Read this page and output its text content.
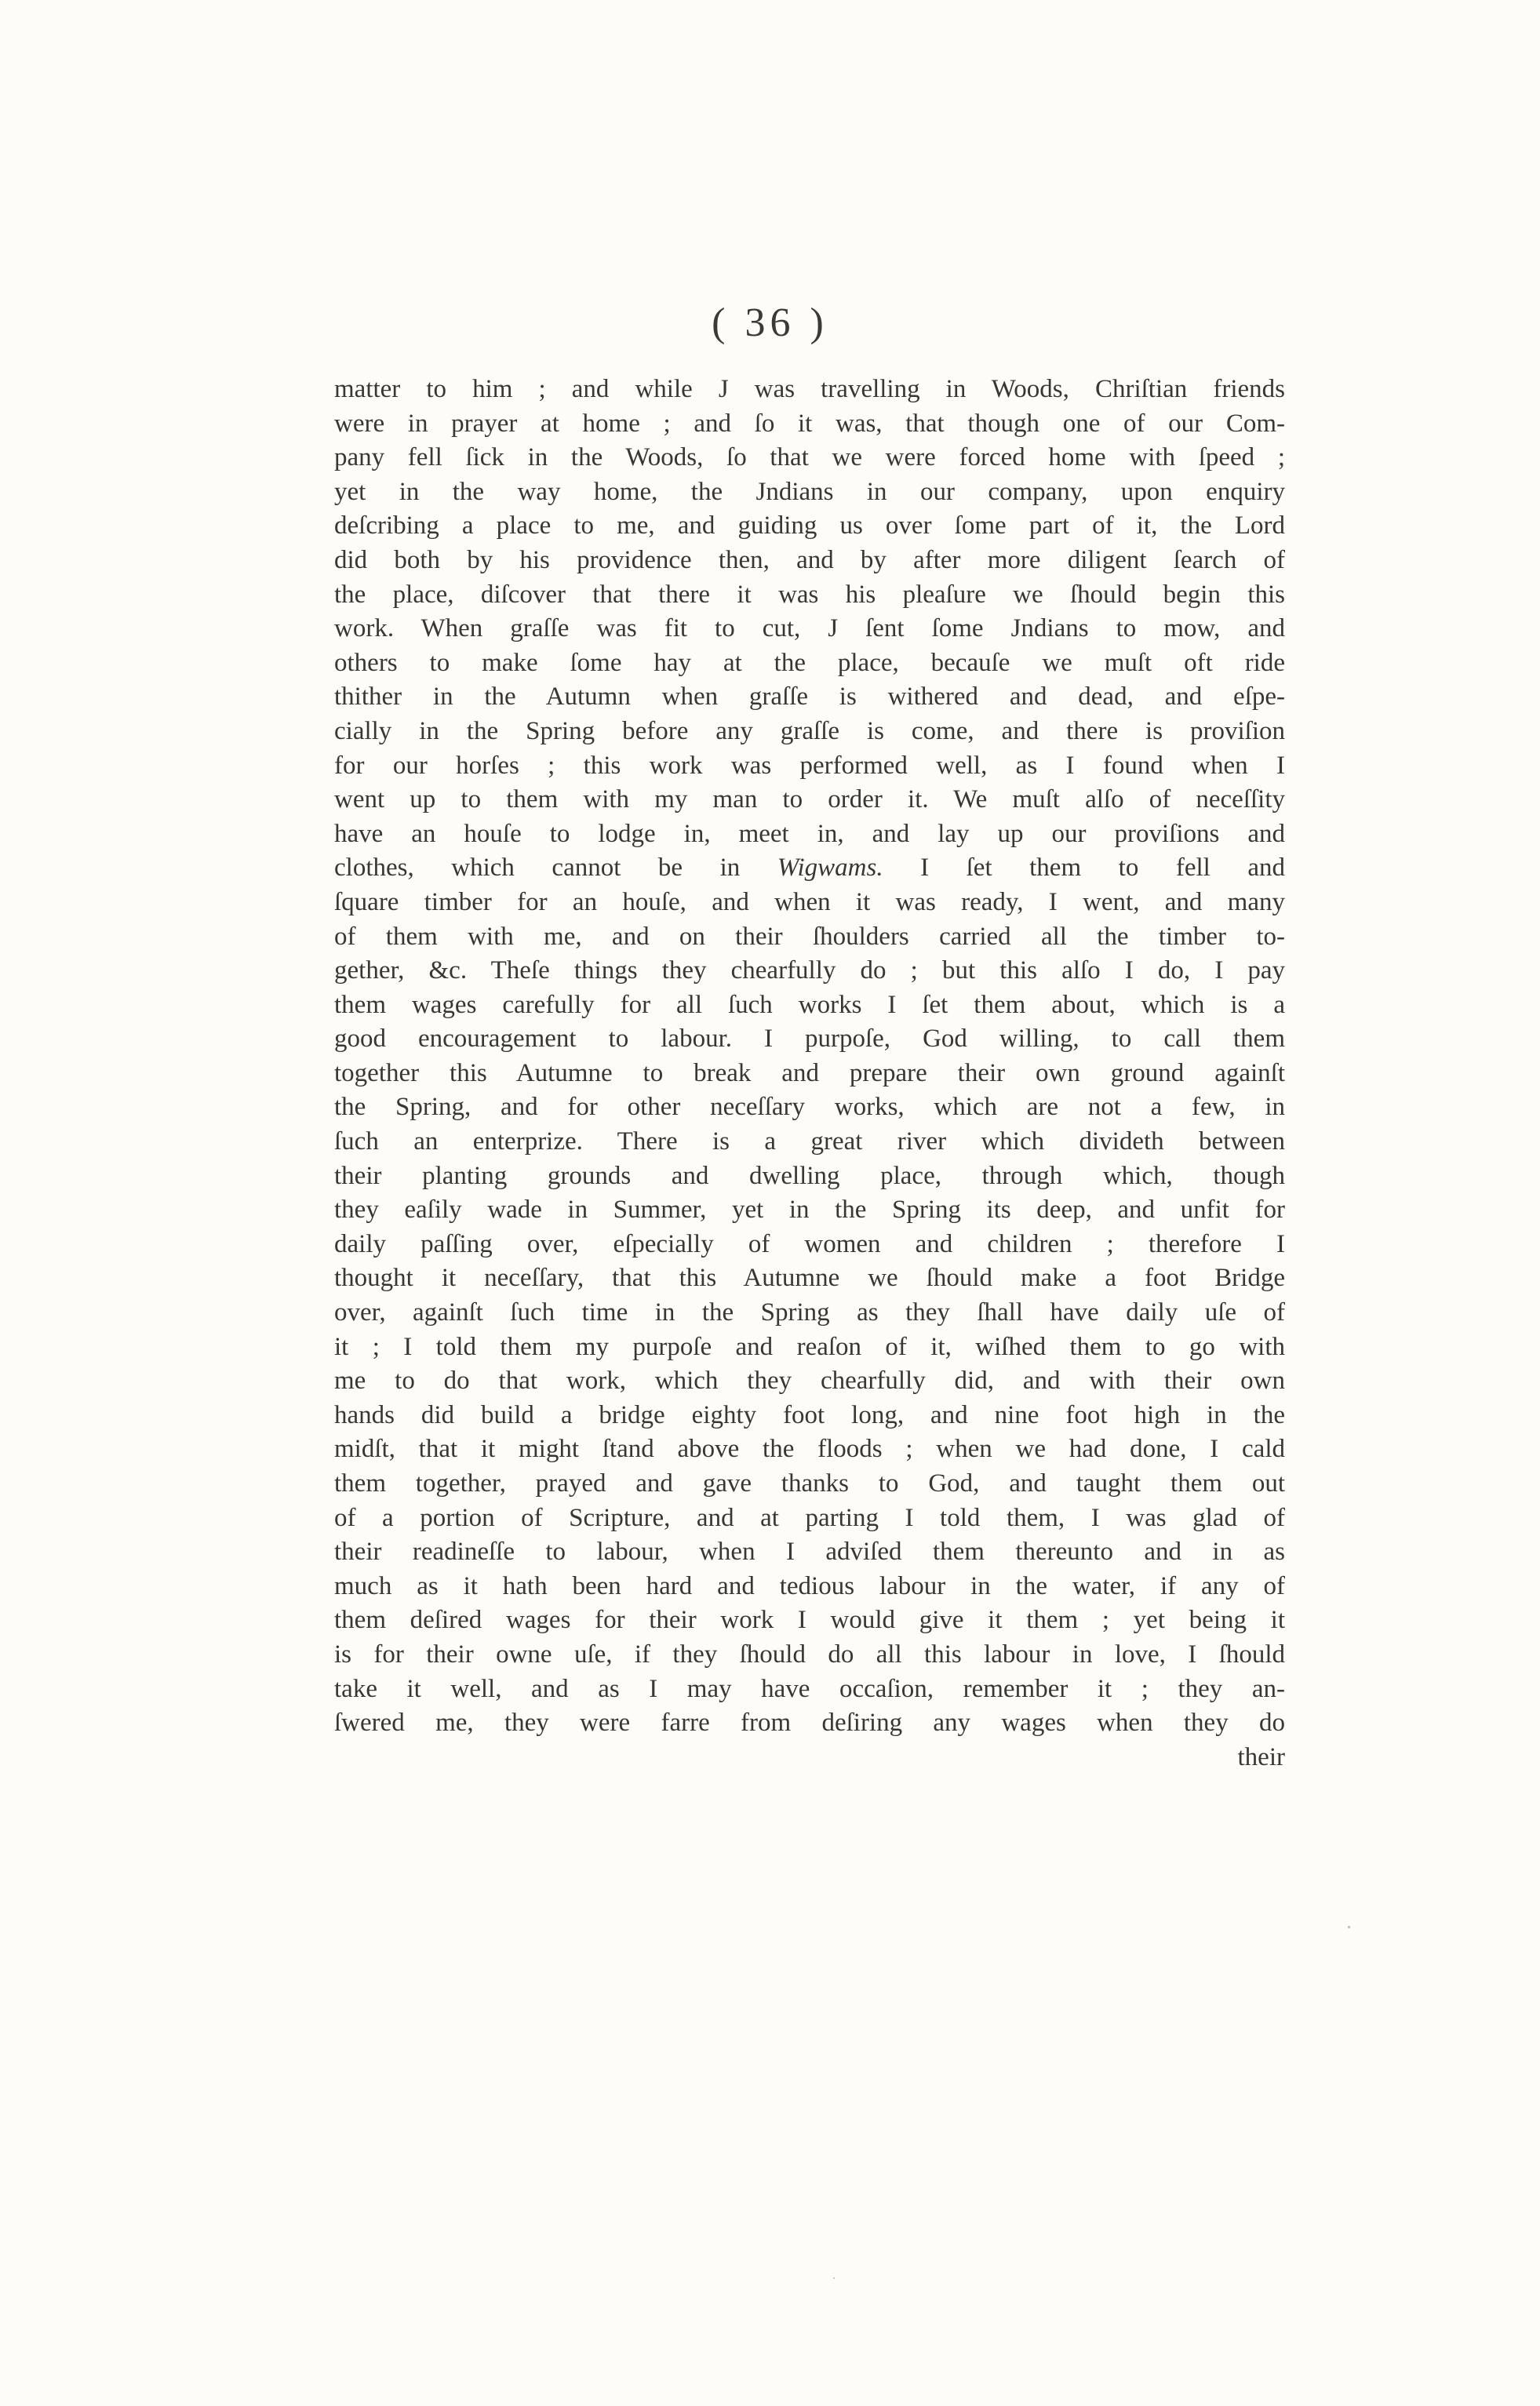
( 36 )
matter to him ; and while J was travelling in Woods, Chriſtian friends
were in prayer at home ; and ſo it was, that though one of our Com-
pany fell ſick in the Woods, ſo that we were forced home with ſpeed ;
yet in the way home, the Jndians in our company, upon enquiry
deſcribing a place to me, and guiding us over ſome part of it, the Lord
did both by his providence then, and by after more diligent ſearch of
the place, diſcover that there it was his pleaſure we ſhould begin this
work. When graſſe was fit to cut, J ſent ſome Jndians to mow, and
others to make ſome hay at the place, becauſe we muſt oft ride
thither in the Autumn when graſſe is withered and dead, and eſpe-
cially in the Spring before any graſſe is come, and there is proviſion
for our horſes ; this work was performed well, as I found when I
went up to them with my man to order it. We muſt alſo of neceſſity
have an houſe to lodge in, meet in, and lay up our proviſions and
clothes, which cannot be in Wigwams. I ſet them to fell and
ſquare timber for an houſe, and when it was ready, I went, and many
of them with me, and on their ſhoulders carried all the timber to-
gether, &c. Theſe things they chearfully do ; but this alſo I do, I pay
them wages carefully for all ſuch works I ſet them about, which is a
good encouragement to labour. I purpoſe, God willing, to call them
together this Autumne to break and prepare their own ground againſt
the Spring, and for other neceſſary works, which are not a few, in
ſuch an enterprize. There is a great river which divideth between
their planting grounds and dwelling place, through which, though
they eaſily wade in Summer, yet in the Spring its deep, and unfit for
daily paſſing over, eſpecially of women and children ; therefore I
thought it neceſſary, that this Autumne we ſhould make a foot Bridge
over, againſt ſuch time in the Spring as they ſhall have daily uſe of
it ; I told them my purpoſe and reaſon of it, wiſhed them to go with
me to do that work, which they chearfully did, and with their own
hands did build a bridge eighty foot long, and nine foot high in the
midſt, that it might ſtand above the floods ; when we had done, I cald
them together, prayed and gave thanks to God, and taught them out
of a portion of Scripture, and at parting I told them, I was glad of
their readineſſe to labour, when I adviſed them thereunto and in as
much as it hath been hard and tedious labour in the water, if any of
them deſired wages for their work I would give it them ; yet being it
is for their owne uſe, if they ſhould do all this labour in love, I ſhould
take it well, and as I may have occaſion, remember it ; they an-
ſwered me, they were farre from deſiring any wages when they do
their
